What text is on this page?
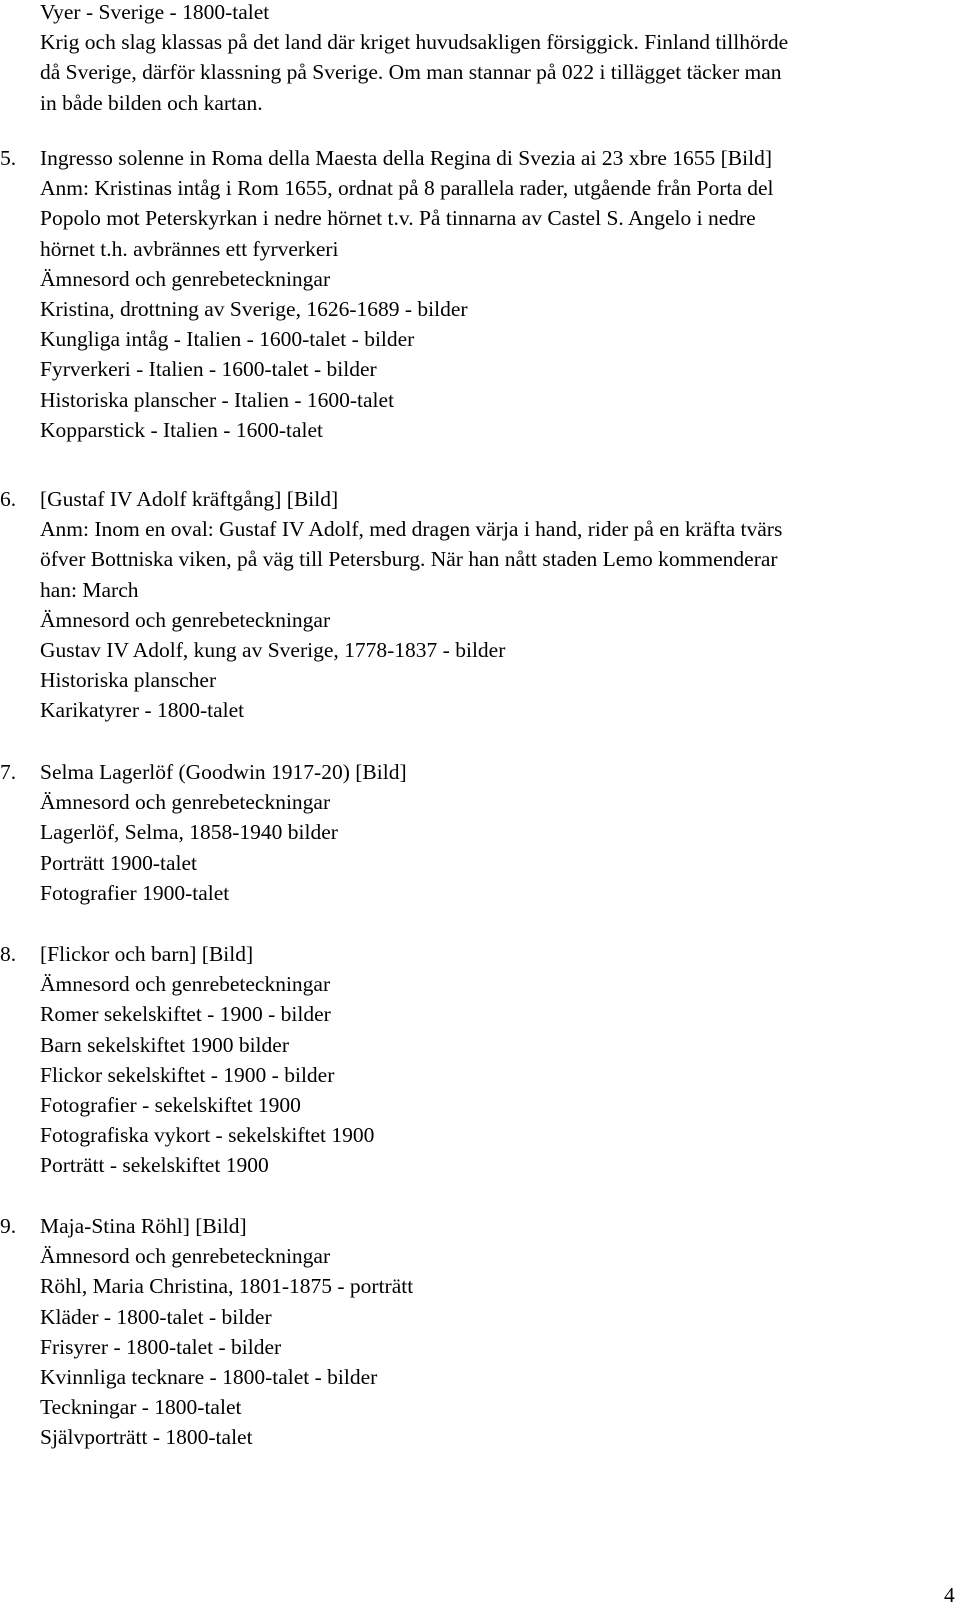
Vyer - Sverige - 1800-talet
Krig och slag klassas på det land där kriget huvudsakligen försiggick. Finland tillhörde
då Sverige, därför klassning på Sverige. Om man stannar på 022 i tillägget täcker man
in både bilden och kartan.
5.	Ingresso solenne in Roma della Maesta della Regina di Svezia ai 23 xbre 1655 [Bild]
Anm: Kristinas intåg i Rom 1655, ordnat på 8 parallela rader, utgående från Porta del
Popolo mot Peterskyrkan i nedre hörnet t.v. På tinnarna av Castel S. Angelo i nedre
hörnet t.h. avbrännes ett fyrverkeri
Ämnesord och genrebeteckningar
Kristina, drottning av Sverige, 1626-1689 - bilder
Kungliga intåg - Italien - 1600-talet - bilder
Fyrverkeri - Italien - 1600-talet - bilder
Historiska planscher - Italien - 1600-talet
Kopparstick - Italien - 1600-talet
6.	[Gustaf IV Adolf kräftgång] [Bild]
Anm: Inom en oval: Gustaf IV Adolf, med dragen värja i hand, rider på en kräfta tvärs
öfver Bottniska viken, på väg till Petersburg. När han nått staden Lemo kommenderar
han: March
Ämnesord och genrebeteckningar
Gustav IV Adolf, kung av Sverige, 1778-1837 - bilder
Historiska planscher
Karikatyrer - 1800-talet
7.	Selma Lagerlöf (Goodwin 1917-20) [Bild]
Ämnesord och genrebeteckningar
Lagerlöf, Selma, 1858-1940 bilder
Porträtt 1900-talet
Fotografier 1900-talet
8.	[Flickor och barn] [Bild]
Ämnesord och genrebeteckningar
Romer sekelskiftet - 1900 - bilder
Barn sekelskiftet 1900 bilder
Flickor sekelskiftet - 1900 - bilder
Fotografier - sekelskiftet 1900
Fotografiska vykort - sekelskiftet 1900
Porträtt - sekelskiftet 1900
9.	Maja-Stina Röhl] [Bild]
Ämnesord och genrebeteckningar
Röhl, Maria Christina, 1801-1875 - porträtt
Kläder - 1800-talet - bilder
Frisyrer - 1800-talet - bilder
Kvinnliga tecknare - 1800-talet - bilder
Teckningar - 1800-talet
Självporträtt - 1800-talet
4
